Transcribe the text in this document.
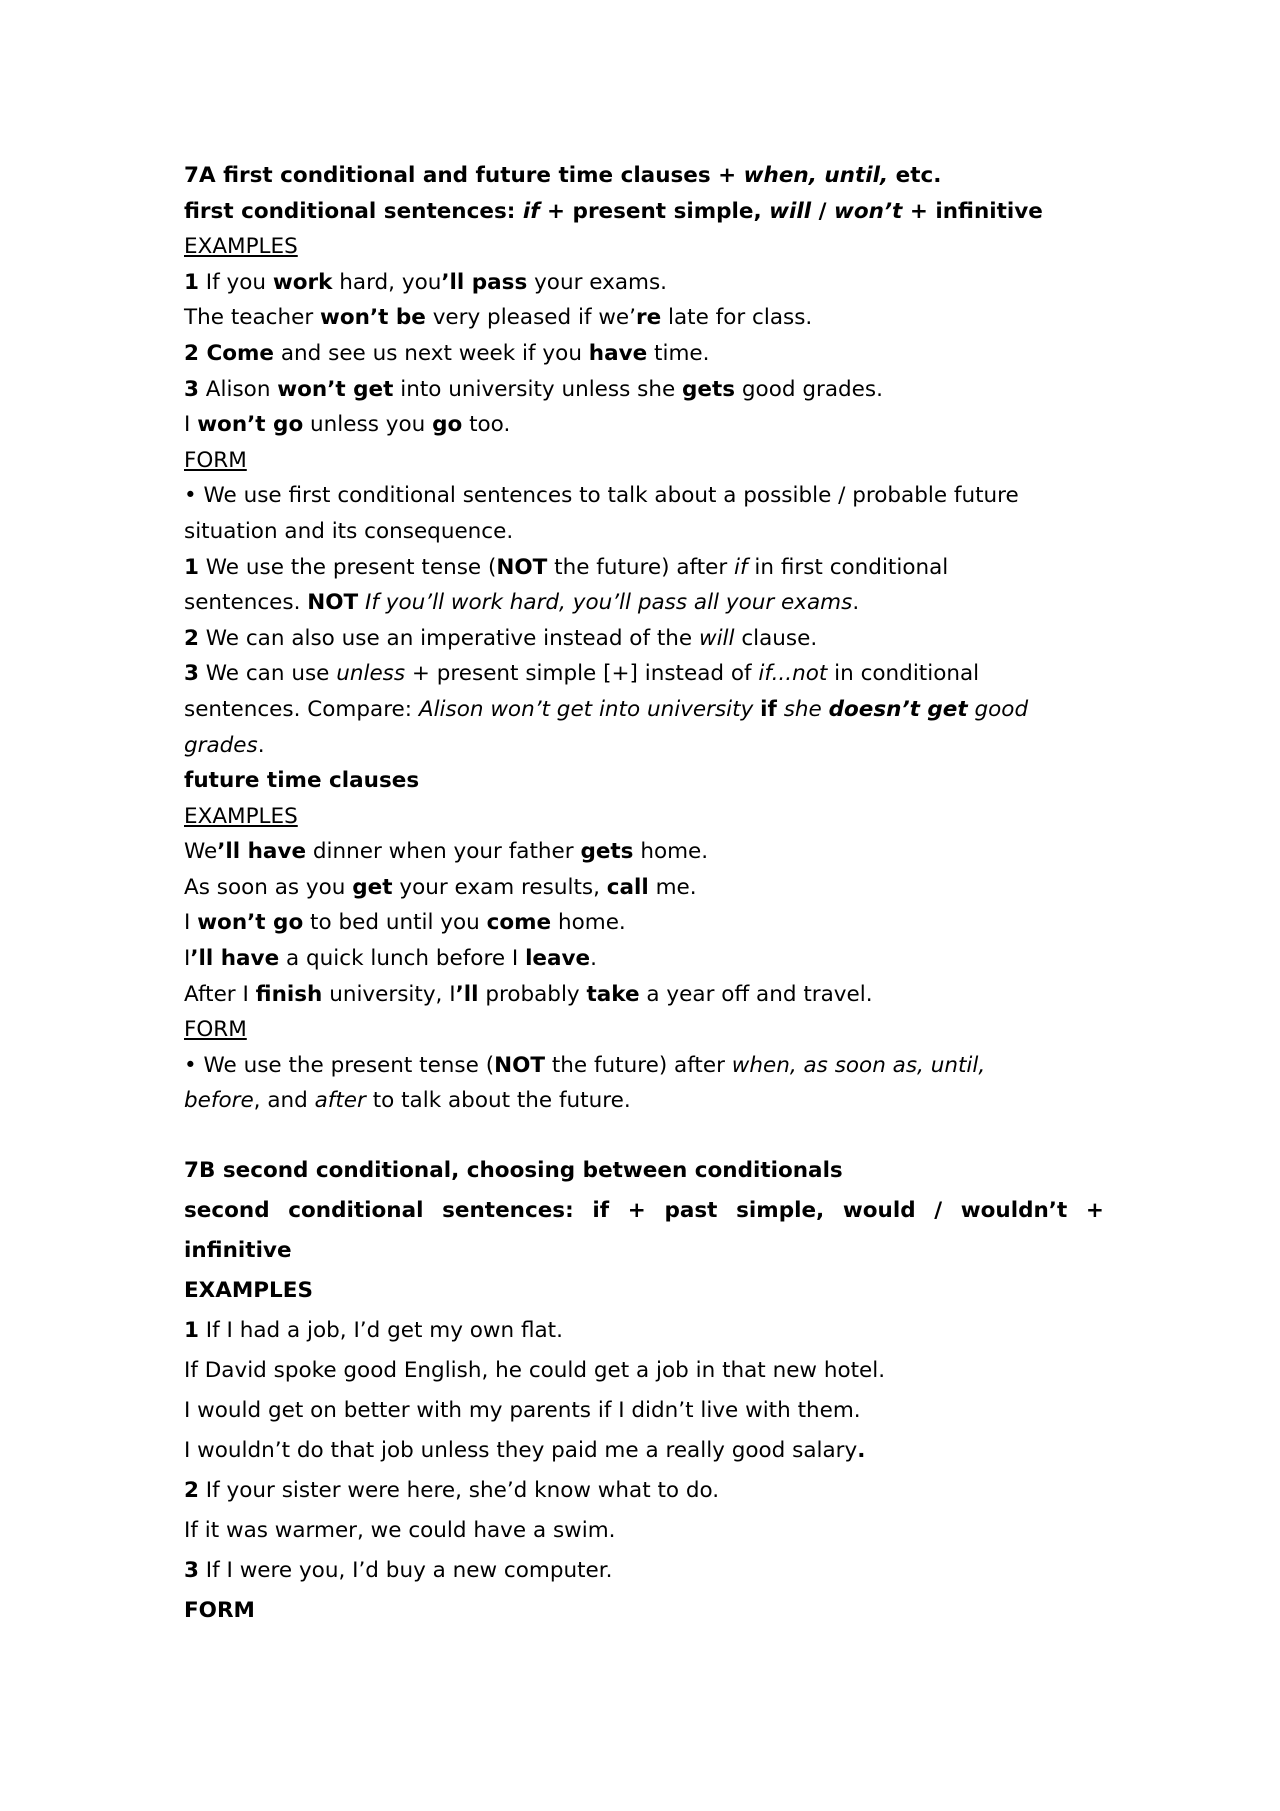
7A first conditional and future time clauses + when, until, etc.
first conditional sentences: if + present simple, will / won’t + infinitive
EXAMPLES
1 If you work hard, you’ll pass your exams.
The teacher won’t be very pleased if we’re late for class.
2 Come and see us next week if you have time.
3 Alison won’t get into university unless she gets good grades.
I won’t go unless you go too.
FORM
• We use first conditional sentences to talk about a possible / probable future
situation and its consequence.
1 We use the present tense (NOT the future) after if in first conditional
sentences. NOT If you’ll work hard, you’ll pass all your exams.
2 We can also use an imperative instead of the will clause.
3 We can use unless + present simple [+] instead of if...not in conditional
sentences. Compare: Alison won’t get into university if she doesn’t get good
grades.
future time clauses
EXAMPLES
We’ll have dinner when your father gets home.
As soon as you get your exam results, call me.
I won’t go to bed until you come home.
I’ll have a quick lunch before I leave.
After I finish university, I’ll probably take a year off and travel.
FORM
• We use the present tense (NOT the future) after when, as soon as, until,
before, and after to talk about the future.
7B second conditional, choosing between conditionals
second conditional sentences: if + past simple, would / wouldn’t +
infinitive
EXAMPLES
1 If I had a job, I’d get my own flat.
If David spoke good English, he could get a job in that new hotel.
I would get on better with my parents if I didn’t live with them.
I wouldn’t do that job unless they paid me a really good salary.
2 If your sister were here, she’d know what to do.
If it was warmer, we could have a swim.
3 If I were you, I’d buy a new computer.
FORM
